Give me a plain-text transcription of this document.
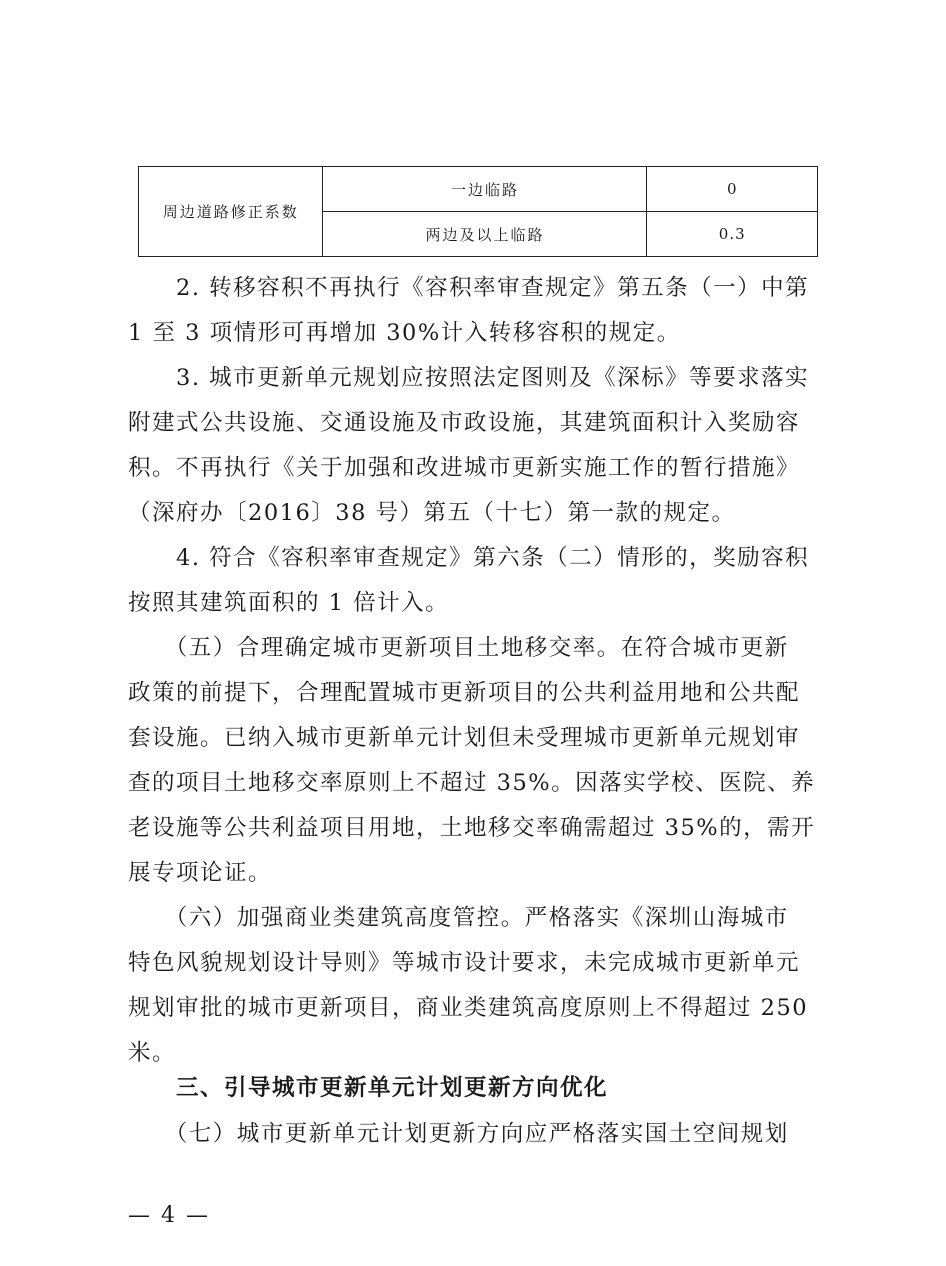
周边道路修正系数	一边临路	0
	两边及以上临路	0.3
　　2. 转移容积不再执行《容积率审查规定》第五条（一）中第
1 至 3 项情形可再增加 30%计入转移容积的规定。
　　3. 城市更新单元规划应按照法定图则及《深标》等要求落实
附建式公共设施、交通设施及市政设施，其建筑面积计入奖励容
积。不再执行《关于加强和改进城市更新实施工作的暂行措施》
（深府办〔2016〕38 号）第五（十七）第一款的规定。
　　4. 符合《容积率审查规定》第六条（二）情形的，奖励容积
按照其建筑面积的 1 倍计入。
　　（五）合理确定城市更新项目土地移交率。在符合城市更新
政策的前提下，合理配置城市更新项目的公共利益用地和公共配
套设施。已纳入城市更新单元计划但未受理城市更新单元规划审
查的项目土地移交率原则上不超过 35%。因落实学校、医院、养
老设施等公共利益项目用地，土地移交率确需超过 35%的，需开
展专项论证。
　　（六）加强商业类建筑高度管控。严格落实《深圳山海城市
特色风貌规划设计导则》等城市设计要求，未完成城市更新单元
规划审批的城市更新项目，商业类建筑高度原则上不得超过 250
米。
　　三、引导城市更新单元计划更新方向优化
　　（七）城市更新单元计划更新方向应严格落实国土空间规划
— 4 —
